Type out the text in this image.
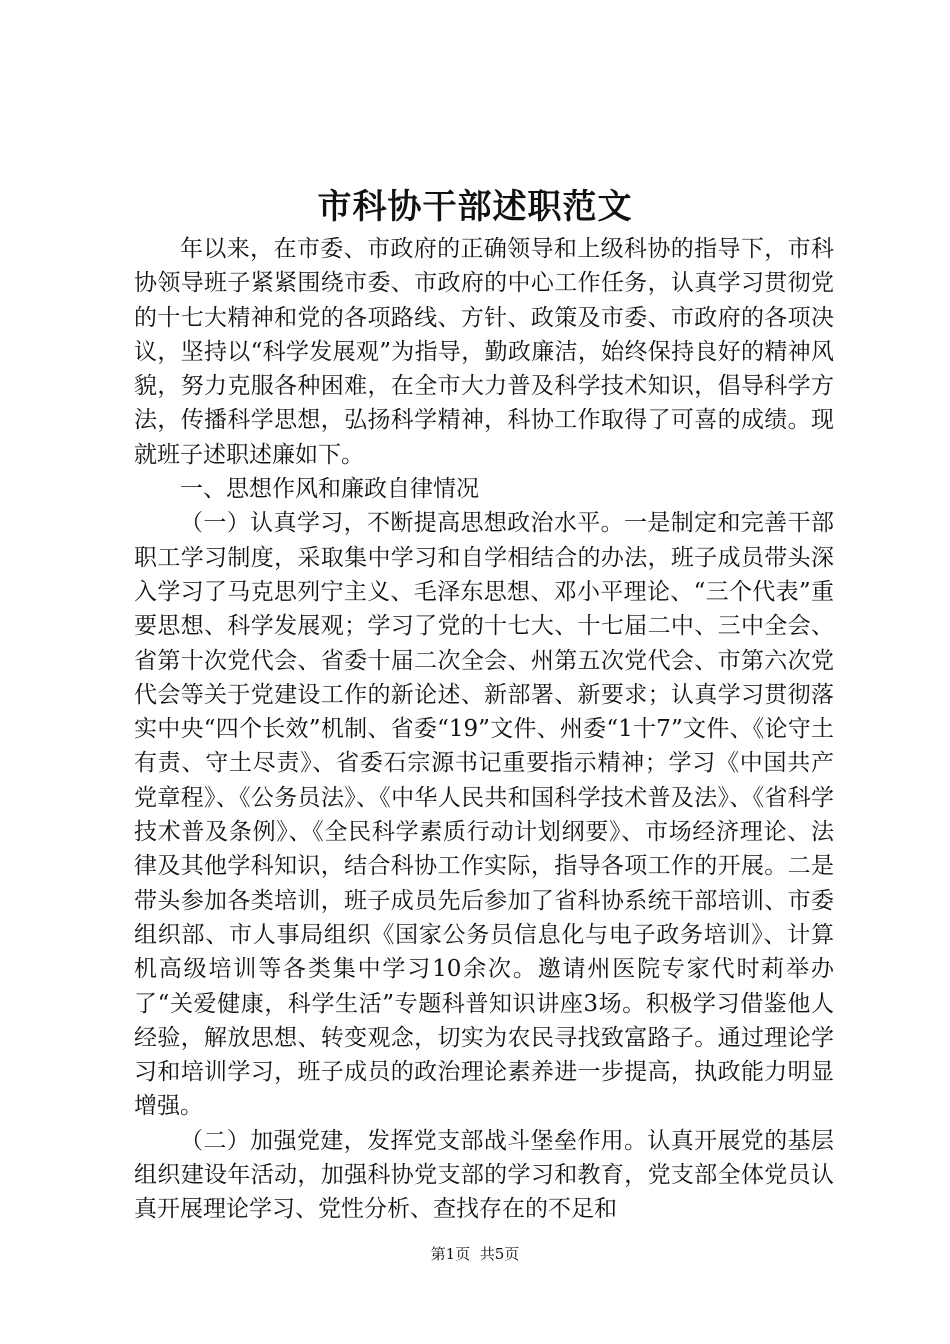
市科协干部述职范文

年以来，在市委、市政府的正确领导和上级科协的指导下，市科协领导班子紧紧围绕市委、市政府的中心工作任务，认真学习贯彻党的十七大精神和党的各项路线、方针、政策及市委、市政府的各项决议，坚持以“科学发展观”为指导，勤政廉洁，始终保持良好的精神风貌，努力克服各种困难，在全市大力普及科学技术知识，倡导科学方法，传播科学思想，弘扬科学精神，科协工作取得了可喜的成绩。现就班子述职述廉如下。

一、思想作风和廉政自律情况

（一）认真学习，不断提高思想政治水平。一是制定和完善干部职工学习制度，采取集中学习和自学相结合的办法，班子成员带头深入学习了马克思列宁主义、毛泽东思想、邓小平理论、“三个代表”重要思想、科学发展观；学习了党的十七大、十七届二中、三中全会、省第十次党代会、省委十届二次全会、州第五次党代会、市第六次党代会等关于党建设工作的新论述、新部署、新要求；认真学习贯彻落实中央“四个长效”机制、省委“19”文件、州委“1十7”文件、《论守土有责、守土尽责》、省委石宗源书记重要指示精神；学习《中国共产党章程》、《公务员法》、《中华人民共和国科学技术普及法》、《省科学技术普及条例》、《全民科学素质行动计划纲要》、市场经济理论、法律及其他学科知识，结合科协工作实际，指导各项工作的开展。二是带头参加各类培训，班子成员先后参加了省科协系统干部培训、市委组织部、市人事局组织《国家公务员信息化与电子政务培训》、计算机高级培训等各类集中学习10余次。邀请州医院专家代时莉举办了“关爱健康，科学生活”专题科普知识讲座3场。积极学习借鉴他人经验，解放思想、转变观念，切实为农民寻找致富路子。通过理论学习和培训学习，班子成员的政治理论素养进一步提高，执政能力明显增强。

（二）加强党建，发挥党支部战斗堡垒作用。认真开展党的基层组织建设年活动，加强科协党支部的学习和教育，党支部全体党员认真开展理论学习、党性分析、查找存在的不足和

第1页 共5页
